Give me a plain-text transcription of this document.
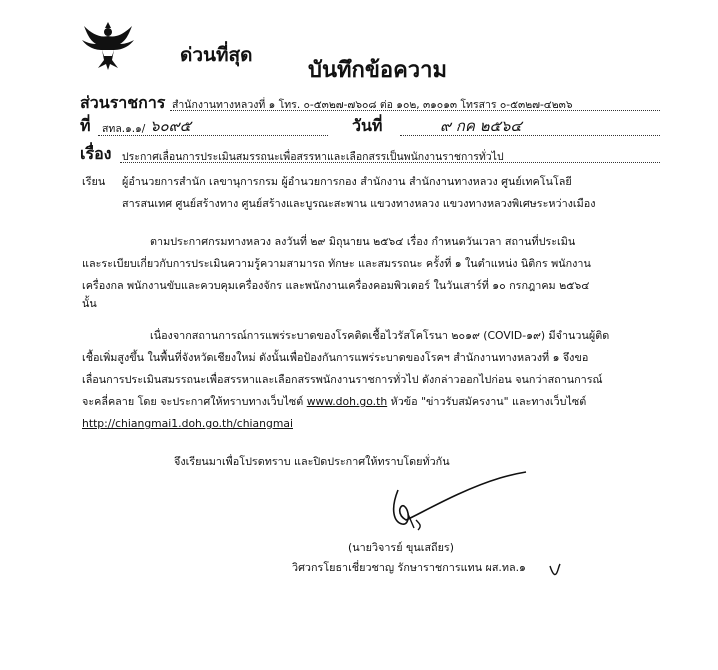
ด่วนที่สุด
บันทึกข้อความ
ส่วนราชการ สำนักงานทางหลวงที่ ๑ โทร. ๐-๕๓๒๗-๗๖๐๘ ต่อ ๑๐๒, ๓๑๐๑๓ โทรสาร ๐-๕๓๒๗-๔๒๓๖
ที่ สทล.๑.๑/ ๖๐๙๕	วันที่	๙ กค ๒๕๖๔
เรื่อง ประกาศเลื่อนการประเมินสมรรถนะเพื่อสรรหาและเลือกสรรเป็นพนักงานราชการทั่วไป
เรียน ผู้อำนวยการสำนัก เลขานุการกรม ผู้อำนวยการกอง สำนักงาน สำนักงานทางหลวง ศูนย์เทคโนโลยี
สารสนเทศ ศูนย์สร้างทาง ศูนย์สร้างและบูรณะสะพาน แขวงทางหลวง แขวงทางหลวงพิเศษระหว่างเมือง
ตามประกาศกรมทางหลวง ลงวันที่ ๒๙ มิถุนายน ๒๕๖๔ เรื่อง กำหนดวันเวลา สถานที่ประเมิน
และระเบียบเกี่ยวกับการประเมินความรู้ความสามารถ ทักษะ และสมรรถนะ ครั้งที่ ๑ ในตำแหน่ง นิติกร พนักงาน
เครื่องกล พนักงานขับและควบคุมเครื่องจักร และพนักงานเครื่องคอมพิวเตอร์ ในวันเสาร์ที่ ๑๐ กรกฎาคม ๒๕๖๔
นั้น
เนื่องจากสถานการณ์การแพร่ระบาดของโรคติดเชื้อไวรัสโคโรนา ๒๐๑๙ (COVID-๑๙) มีจำนวนผู้ติด
เชื้อเพิ่มสูงขึ้น ในพื้นที่จังหวัดเชียงใหม่ ดังนั้นเพื่อป้องกันการแพร่ระบาดของโรคฯ สำนักงานทางหลวงที่ ๑ จึงขอ
เลื่อนการประเมินสมรรถนะเพื่อสรรหาและเลือกสรรพนักงานราชการทั่วไป ดังกล่าวออกไปก่อน จนกว่าสถานการณ์
จะคลี่คลาย โดย จะประกาศให้ทราบทางเว็บไซต์ www.doh.go.th หัวข้อ "ข่าวรับสมัครงาน" และทางเว็บไซต์
http://chiangmai1.doh.go.th/chiangmai
จึงเรียนมาเพื่อโปรดทราบ และปิดประกาศให้ทราบโดยทั่วกัน
(นายวิจารย์ ขุนเสถียร)
วิศวกรโยธาเชี่ยวชาญ รักษาราชการแทน ผส.ทล.๑
